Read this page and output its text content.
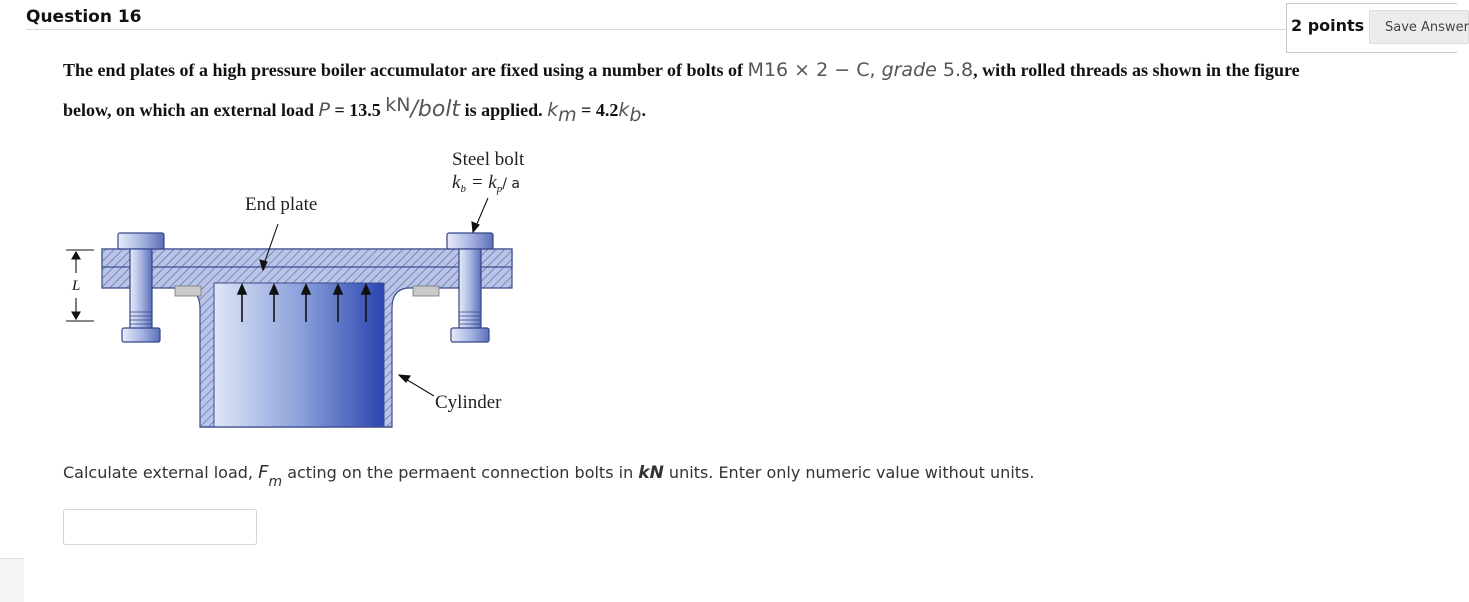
Question 16	2 points	Save Answer
The end plates of a high pressure boiler accumulator are fixed using a number of bolts of M16 × 2 − C, grade 5.8, with rolled threads as shown in the figure
below, on which an external load P = 13.5 $^{kN}$/bolt is applied. $k_m = 4.2k_b$.
L
Steel bolt
$k_b = k_p^{/ a}$
End plate
Cylinder
Calculate external load, $F_m$ acting on the permaent connection bolts in kN units. Enter only numeric value without units.
